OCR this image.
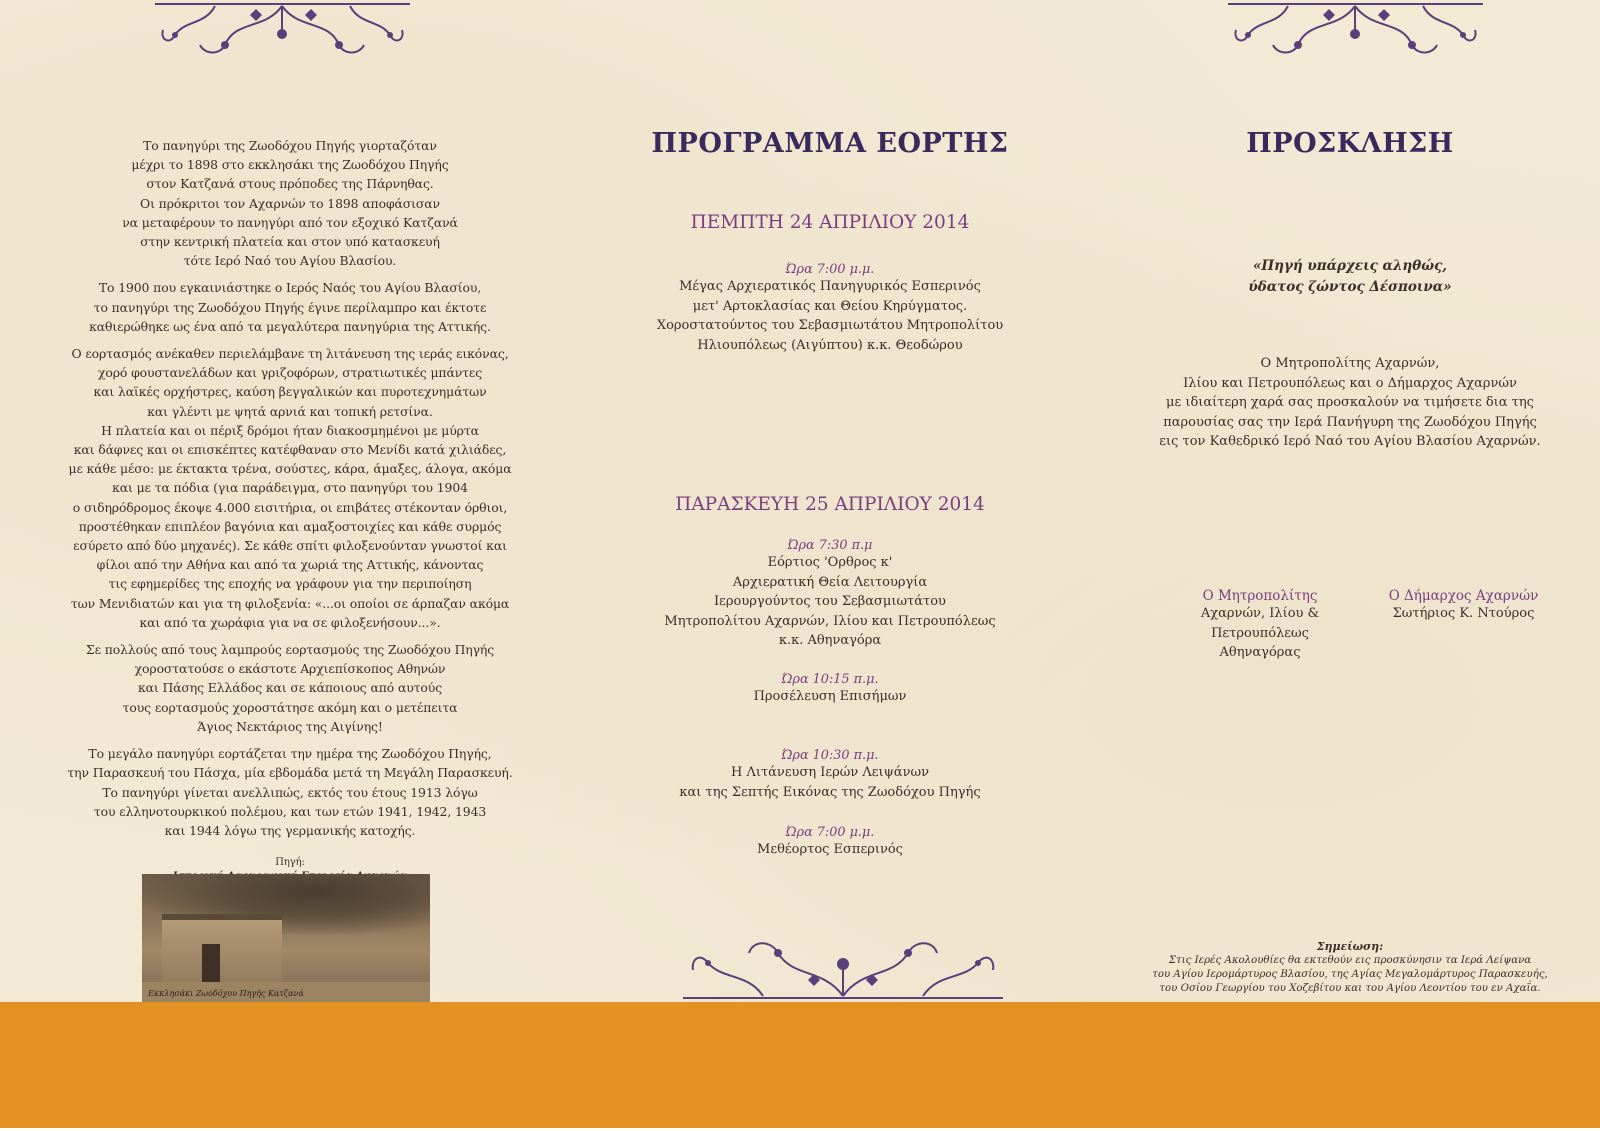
Το πανηγύρι της Ζωοδόχου Πηγής γιορταζόταν
μέχρι το 1898 στο εκκλησάκι της Ζωοδόχου Πηγής
στον Κατζανά στους πρόποδες της Πάρνηθας.
Οι πρόκριτοι τον Αχαρνών το 1898 αποφάσισαν
να μεταφέρουν το πανηγύρι από τον εξοχικό Κατζανά
στην κεντρική πλατεία και στον υπό κατασκευή
τότε Ιερό Ναό του Αγίου Βλασίου.

Το 1900 που εγκαινιάστηκε ο Ιερός Ναός του Αγίου Βλασίου,
το πανηγύρι της Ζωοδόχου Πηγής έγινε περίλαμπρο και έκτοτε
καθιερώθηκε ως ένα από τα μεγαλύτερα πανηγύρια της Αττικής.

Ο εορτασμός ανέκαθεν περιελάμβανε τη λιτάνευση της ιεράς εικόνας,
χορό φουστανελάδων και γριζοφόρων, στρατιωτικές μπάντες
και λαϊκές ορχήστρες, καύση βεγγαλικών και πυροτεχνημάτων
και γλέντι με ψητά αρνιά και τοπική ρετσίνα.
Η πλατεία και οι πέριξ δρόμοι ήταν διακοσμημένοι με μύρτα
και δάφνες και οι επισκέπτες κατέφθαναν στο Μενίδι κατά χιλιάδες,
με κάθε μέσο: με έκτακτα τρένα, σούστες, κάρα, άμαξες, άλογα, ακόμα
και με τα πόδια (για παράδειγμα, στο πανηγύρι του 1904
ο σιδηρόδρομος έκοψε 4.000 εισιτήρια, οι επιβάτες στέκονταν όρθιοι,
προστέθηκαν επιπλέον βαγόνια και αμαξοστοιχίες και κάθε συρμός
εσύρετο από δύο μηχανές). Σε κάθε σπίτι φιλοξενούνταν γνωστοί και
φίλοι από την Αθήνα και από τα χωριά της Αττικής, κάνοντας
τις εφημερίδες της εποχής να γράφουν για την περιποίηση
των Μενιδιατών και για τη φιλοξενία: «...οι οποίοι σε άρπαζαν ακόμα
και από τα χωράφια για να σε φιλοξενήσουν...».

Σε πολλούς από τους λαμπρούς εορτασμούς της Ζωοδόχου Πηγής
χοροστατούσε ο εκάστοτε Αρχιεπίσκοπος Αθηνών
και Πάσης Ελλάδος και σε κάποιους από αυτούς
τους εορτασμούς χοροστάτησε ακόμη και ο μετέπειτα
Άγιος Νεκτάριος της Αιγίνης!

Το μεγάλο πανηγύρι εορτάζεται την ημέρα της Ζωοδόχου Πηγής,
την Παρασκευή του Πάσχα, μία εβδομάδα μετά τη Μεγάλη Παρασκευή.
Το πανηγύρι γίνεται ανελλιπώς, εκτός του έτους 1913 λόγω
του ελληνοτουρκικού πολέμου, και των ετών 1941, 1942, 1943
και 1944 λόγω της γερμανικής κατοχής.

Πηγή:

Εκκλησάκι Ζωοδόχου Πηγής Κατζανά
ΠΡΟΓΡΑΜΜΑ ΕΟΡΤΗΣ
ΠΕΜΠΤΗ 24 ΑΠΡΙΛΙΟΥ 2014
Ώρα 7:00 μ.μ.
Μέγας Αρχιερατικός Πανηγυρικός Εσπερινός
μετ' Αρτοκλασίας και Θείου Κηρύγματος.
Χοροστατούντος του Σεβασμιωτάτου Μητροπολίτου
Ηλιουπόλεως (Αιγύπτου) κ.κ. Θεοδώρου
ΠΑΡΑΣΚΕΥΗ 25 ΑΠΡΙΛΙΟΥ 2014
Ώρα 7:30 π.μ
Εόρτιος 'Ορθρος κ'
Αρχιερατική Θεία Λειτουργία
Ιερουργούντος του Σεβασμιωτάτου
Μητροπολίτου Αχαρνών, Ιλίου και Πετρουπόλεως
κ.κ. Αθηναγόρα
Ώρα 10:15 π.μ.
Προσέλευση Επισήμων
Ώρα 10:30 π.μ.
Η Λιτάνευση Ιερών Λειψάνων
και της Σεπτής Εικόνας της Ζωοδόχου Πηγής
Ώρα 7:00 μ.μ.
Μεθέορτος Εσπερινός
ΠΡΟΣΚΛΗΣΗ
«Πηγή υπάρχεις αληθώς,
ύδατος ζώντος Δέσποινα»
Ο Μητροπολίτης Αχαρνών,
Ιλίου και Πετρουπόλεως και ο Δήμαρχος Αχαρνών
με ιδιαίτερη χαρά σας προσκαλούν να τιμήσετε δια της
παρουσίας σας την Ιερά Πανήγυρη της Ζωοδόχου Πηγής
εις τον Καθεδρικό Ιερό Ναό του Αγίου Βλασίου Αχαρνών.
Ο Μητροπολίτης
Αχαρνών, Ιλίου & Πετρουπόλεως
Αθηναγόρας
Ο Δήμαρχος Αχαρνών
Σωτήριος Κ. Ντούρος
Σημείωση:
Στις Ιερές Ακολουθίες θα εκτεθούν εις προσκύνησιν τα Ιερά Λείψανα
του Αγίου Ιερομάρτυρος Βλασίου, της Αγίας Μεγαλομάρτυρος Παρασκευής,
του Οσίου Γεωργίου του Χοζεβίτου και του Αγίου Λεοντίου του εν Αχαΐα.
